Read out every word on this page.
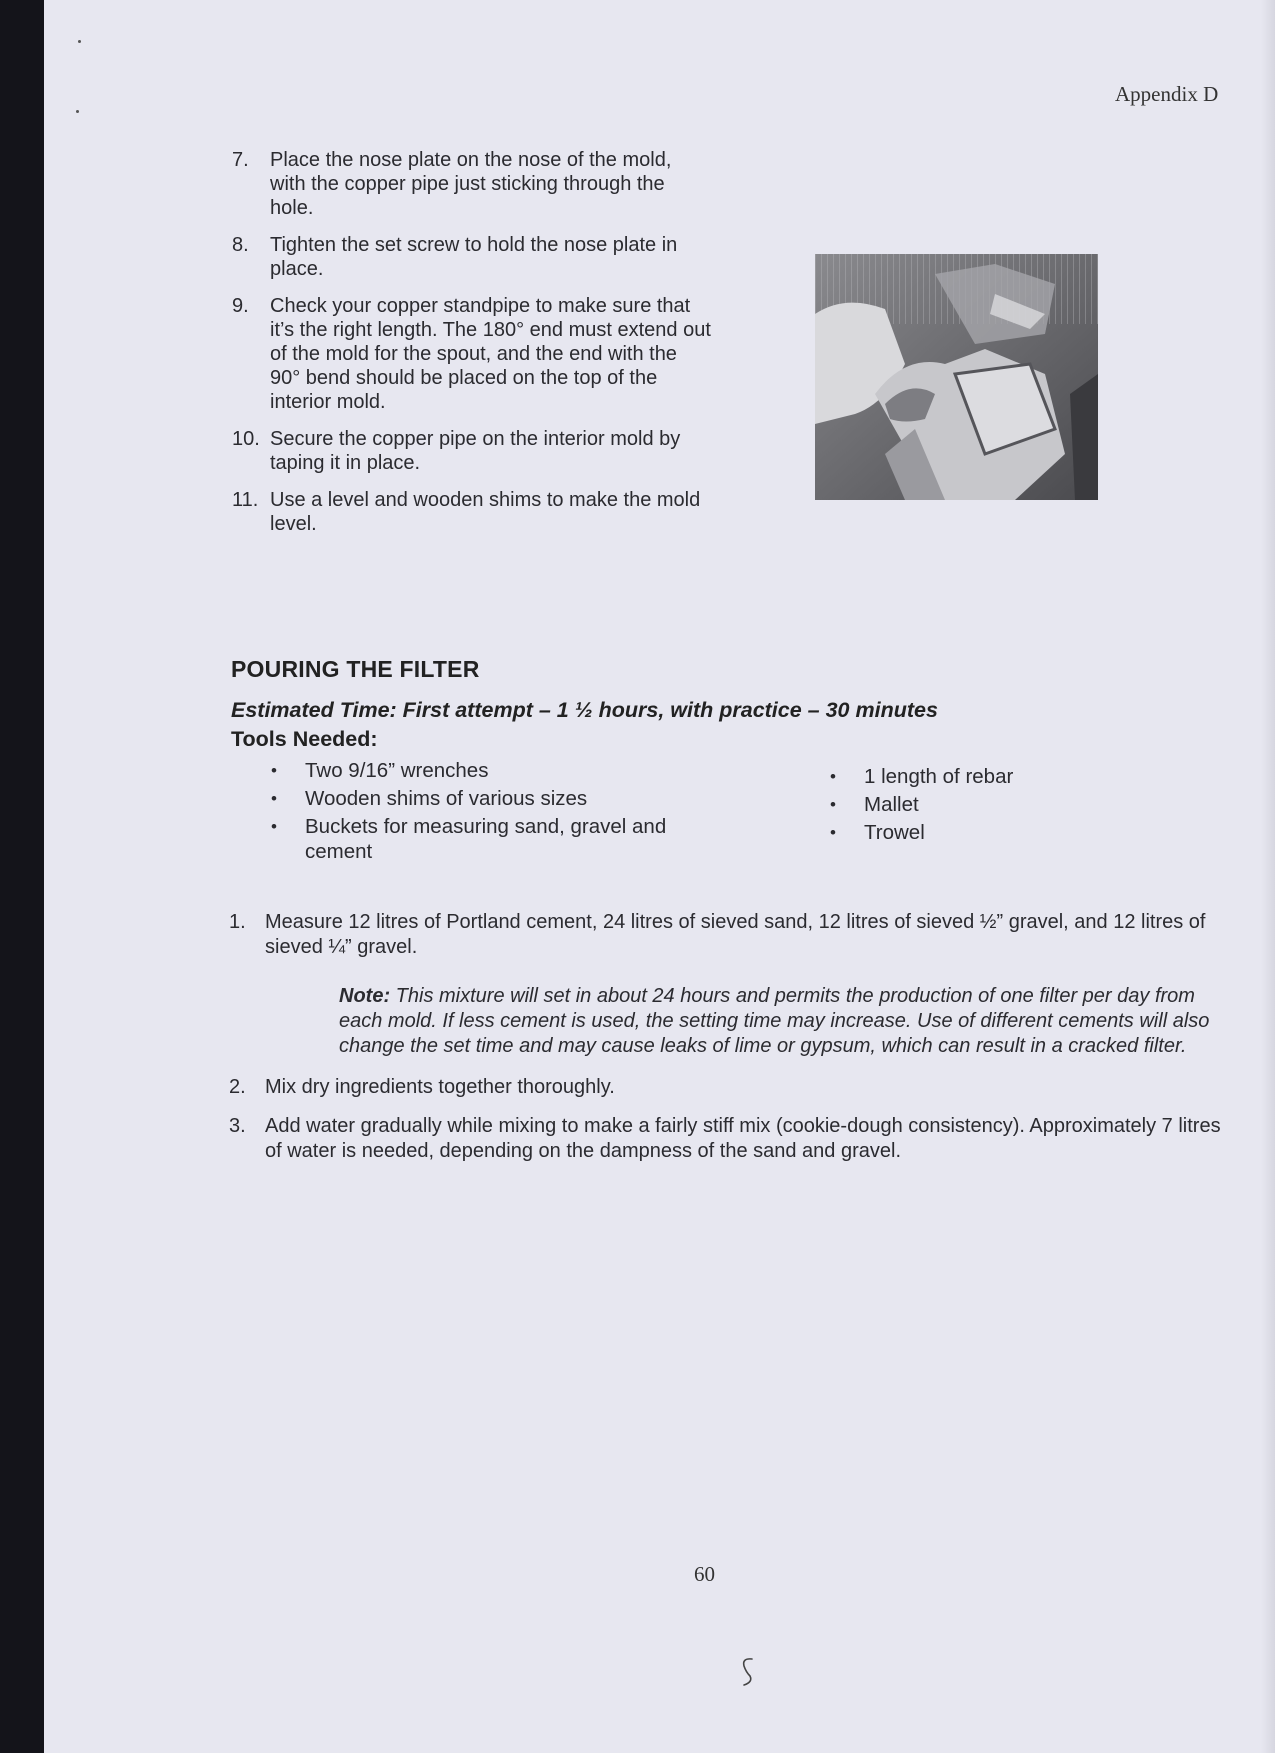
Appendix D
7. Place the nose plate on the nose of the mold, with the copper pipe just sticking through the hole.
8. Tighten the set screw to hold the nose plate in place.
9. Check your copper standpipe to make sure that it’s the right length. The 180° end must extend out of the mold for the spout, and the end with the 90° bend should be placed on the top of the interior mold.
10. Secure the copper pipe on the interior mold by taping it in place.
11. Use a level and wooden shims to make the mold level.
POURING THE FILTER
Estimated Time: First attempt – 1 ½ hours, with practice – 30 minutes
Tools Needed:
• Two 9/16” wrenches
• Wooden shims of various sizes
• Buckets for measuring sand, gravel and cement
• 1 length of rebar
• Mallet
• Trowel
1. Measure 12 litres of Portland cement, 24 litres of sieved sand, 12 litres of sieved ½” gravel, and 12 litres of sieved ¼” gravel.
Note: This mixture will set in about 24 hours and permits the production of one filter per day from each mold. If less cement is used, the setting time may increase. Use of different cements will also change the set time and may cause leaks of lime or gypsum, which can result in a cracked filter.
2. Mix dry ingredients together thoroughly.
3. Add water gradually while mixing to make a fairly stiff mix (cookie-dough consistency). Approximately 7 litres of water is needed, depending on the dampness of the sand and gravel.
60
